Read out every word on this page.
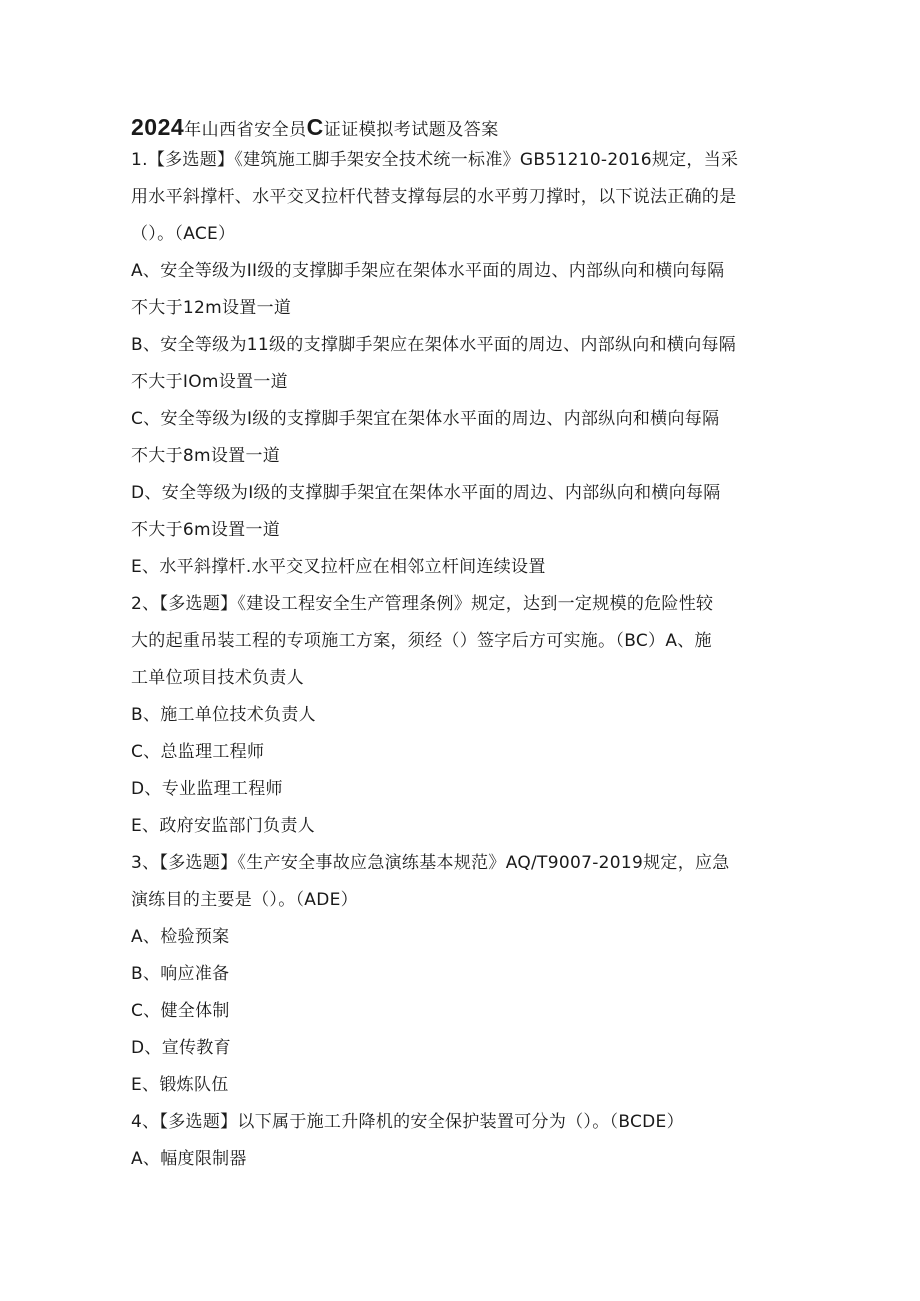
2024年山西省安全员C证证模拟考试题及答案
1.【多选题】《建筑施工脚手架安全技术统一标准》GB51210-2016规定，当采
用水平斜撑杆、水平交叉拉杆代替支撑每层的水平剪刀撑时，以下说法正确的是
（）。（ACE）
A、安全等级为II级的支撑脚手架应在架体水平面的周边、内部纵向和横向每隔
不大于12m设置一道
B、安全等级为11级的支撑脚手架应在架体水平面的周边、内部纵向和横向每隔
不大于IOm设置一道
C、安全等级为I级的支撑脚手架宜在架体水平面的周边、内部纵向和横向每隔
不大于8m设置一道
D、安全等级为I级的支撑脚手架宜在架体水平面的周边、内部纵向和横向每隔
不大于6m设置一道
E、水平斜撑杆.水平交叉拉杆应在相邻立杆间连续设置
2、【多选题】《建设工程安全生产管理条例》规定，达到一定规模的危险性较
大的起重吊装工程的专项施工方案，须经（）签字后方可实施。（BC）A、施
工单位项目技术负责人
B、施工单位技术负责人
C、总监理工程师
D、专业监理工程师
E、政府安监部门负责人
3、【多选题】《生产安全事故应急演练基本规范》AQ/T9007-2019规定，应急
演练目的主要是（）。（ADE）
A、检验预案
B、响应准备
C、健全体制
D、宣传教育
E、锻炼队伍
4、【多选题】以下属于施工升降机的安全保护装置可分为（）。（BCDE）
A、幅度限制器
